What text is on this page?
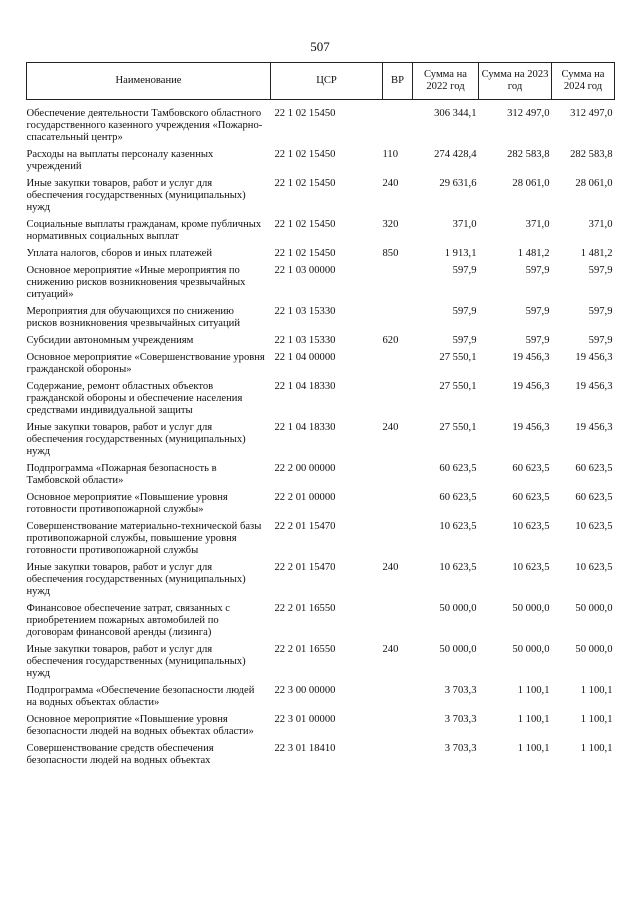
507
Наименование	ЦСР	ВР	Сумма на 2022 год	Сумма на 2023 год	Сумма на 2024 год
Обеспечение деятельности Тамбовского областного государственного казенного учреждения «Пожарно-спасательный центр»	22 1 02 15450		306 344,1	312 497,0	312 497,0
Расходы на выплаты персоналу казенных учреждений	22 1 02 15450	110	274 428,4	282 583,8	282 583,8
Иные закупки товаров, работ и услуг для обеспечения государственных (муниципальных) нужд	22 1 02 15450	240	29 631,6	28 061,0	28 061,0
Социальные выплаты гражданам, кроме публичных нормативных социальных выплат	22 1 02 15450	320	371,0	371,0	371,0
Уплата налогов, сборов и иных платежей	22 1 02 15450	850	1 913,1	1 481,2	1 481,2
Основное мероприятие «Иные мероприятия по снижению рисков возникновения чрезвычайных ситуаций»	22 1 03 00000		597,9	597,9	597,9
Мероприятия для обучающихся по снижению рисков возникновения чрезвычайных ситуаций	22 1 03 15330		597,9	597,9	597,9
Субсидии автономным учреждениям	22 1 03 15330	620	597,9	597,9	597,9
Основное мероприятие «Совершенствование уровня гражданской обороны»	22 1 04 00000		27 550,1	19 456,3	19 456,3
Содержание, ремонт областных объектов гражданской обороны и обеспечение населения средствами индивидуальной защиты	22 1 04 18330		27 550,1	19 456,3	19 456,3
Иные закупки товаров, работ и услуг для обеспечения государственных (муниципальных) нужд	22 1 04 18330	240	27 550,1	19 456,3	19 456,3
Подпрограмма «Пожарная безопасность в Тамбовской области»	22 2 00 00000		60 623,5	60 623,5	60 623,5
Основное мероприятие «Повышение уровня готовности противопожарной службы»	22 2 01 00000		60 623,5	60 623,5	60 623,5
Совершенствование материально-технической базы противопожарной службы, повышение уровня готовности противопожарной службы	22 2 01 15470		10 623,5	10 623,5	10 623,5
Иные закупки товаров, работ и услуг для обеспечения государственных (муниципальных) нужд	22 2 01 15470	240	10 623,5	10 623,5	10 623,5
Финансовое обеспечение затрат, связанных с приобретением пожарных автомобилей по договорам финансовой аренды (лизинга)	22 2 01 16550		50 000,0	50 000,0	50 000,0
Иные закупки товаров, работ и услуг для обеспечения государственных (муниципальных) нужд	22 2 01 16550	240	50 000,0	50 000,0	50 000,0
Подпрограмма «Обеспечение безопасности людей на водных объектах области»	22 3 00 00000		3 703,3	1 100,1	1 100,1
Основное мероприятие «Повышение уровня безопасности людей на водных объектах области»	22 3 01 00000		3 703,3	1 100,1	1 100,1
Совершенствование средств обеспечения безопасности людей на водных объектах	22 3 01 18410		3 703,3	1 100,1	1 100,1
